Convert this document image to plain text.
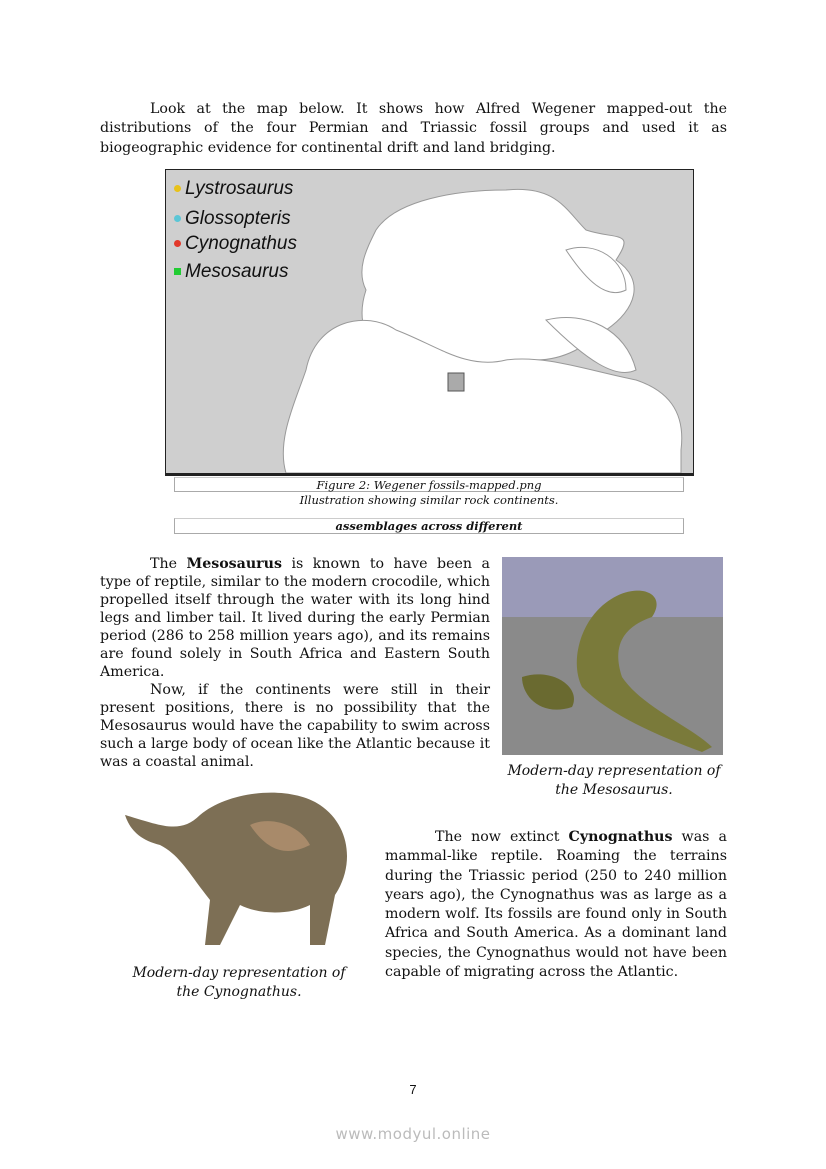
Look at the map below. It shows how Alfred Wegener mapped-out the distributions of the four Permian and Triassic fossil groups and used it as biogeographic evidence for continental drift and land bridging.

Lystrosaurus
Glossopteris
Cynognathus
Mesosaurus
Figure 2: Wegener fossils-mapped.png
Illustration showing similar rock continents.
assemblages across different

The Mesosaurus is known to have been a type of reptile, similar to the modern crocodile, which propelled itself through the water with its long hind legs and limber tail. It lived during the early Permian period (286 to 258 million years ago), and its remains are found solely in South Africa and Eastern South America.

Now, if the continents were still in their present positions, there is no possibility that the Mesosaurus would have the capability to swim across such a large body of ocean like the Atlantic because it was a coastal animal.

Modern-day representation of the Mesosaurus.
Modern-day representation of the Cynognathus.

The now extinct Cynognathus was a mammal-like reptile. Roaming the terrains during the Triassic period (250 to 240 million years ago), the Cynognathus was as large as a modern wolf. Its fossils are found only in South Africa and South America. As a dominant land species, the Cynognathus would not have been capable of migrating across the Atlantic.

7
www.modyul.online
